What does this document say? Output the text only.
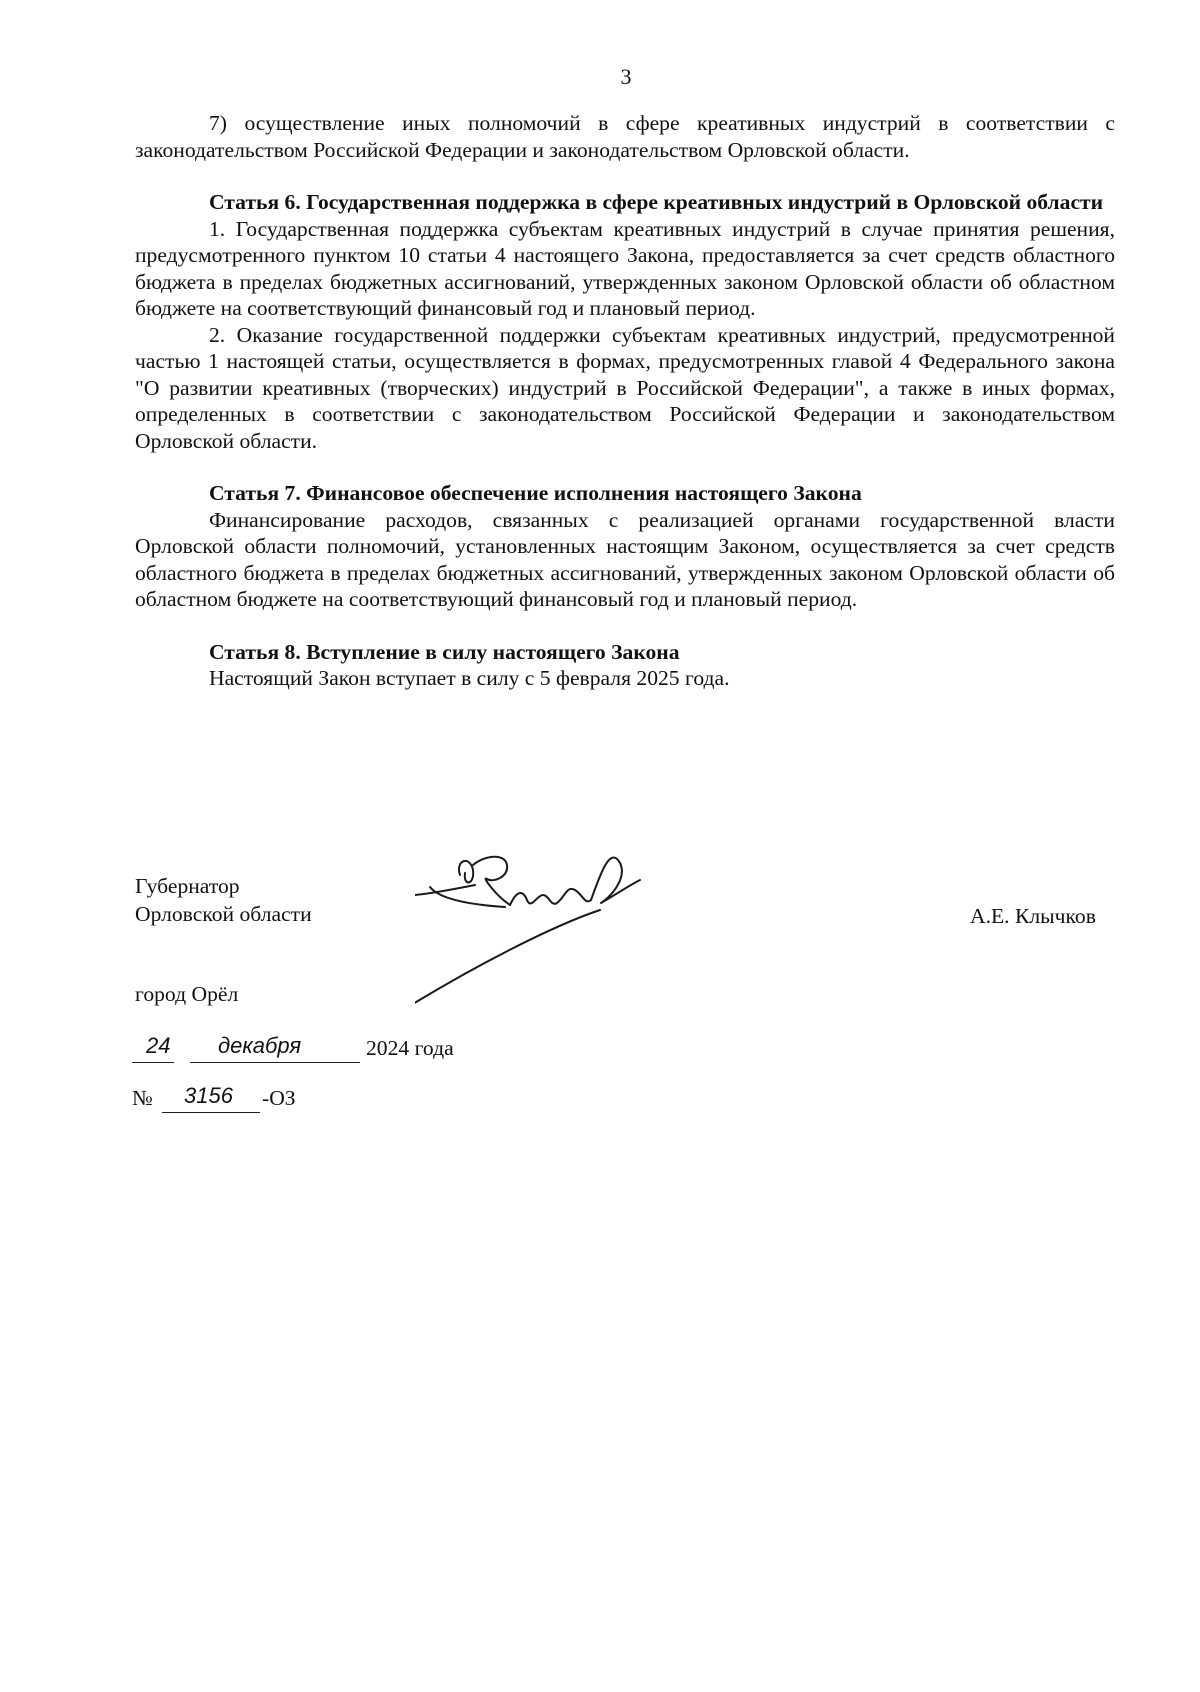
3

7) осуществление иных полномочий в сфере креативных индустрий в соответствии с законодательством Российской Федерации и законодательством Орловской области.

Статья 6. Государственная поддержка в сфере креативных индустрий в Орловской области

1. Государственная поддержка субъектам креативных индустрий в случае принятия решения, предусмотренного пунктом 10 статьи 4 настоящего Закона, предоставляется за счет средств областного бюджета в пределах бюджетных ассигнований, утвержденных законом Орловской области об областном бюджете на соответствующий финансовый год и плановый период.

2. Оказание государственной поддержки субъектам креативных индустрий, предусмотренной частью 1 настоящей статьи, осуществляется в формах, предусмотренных главой 4 Федерального закона "О развитии креативных (творческих) индустрий в Российской Федерации", а также в иных формах, определенных в соответствии с законодательством Российской Федерации и законодательством Орловской области.

Статья 7. Финансовое обеспечение исполнения настоящего Закона

Финансирование расходов, связанных с реализацией органами государственной власти Орловской области полномочий, установленных настоящим Законом, осуществляется за счет средств областного бюджета в пределах бюджетных ассигнований, утвержденных законом Орловской области об областном бюджете на соответствующий финансовый год и плановый период.

Статья 8. Вступление в силу настоящего Закона

Настоящий Закон вступает в силу с 5 февраля 2025 года.

Губернатор
Орловской области	А.Е. Клычков
город Орёл
24 декабря	2024 года
№ 3156 -ОЗ
